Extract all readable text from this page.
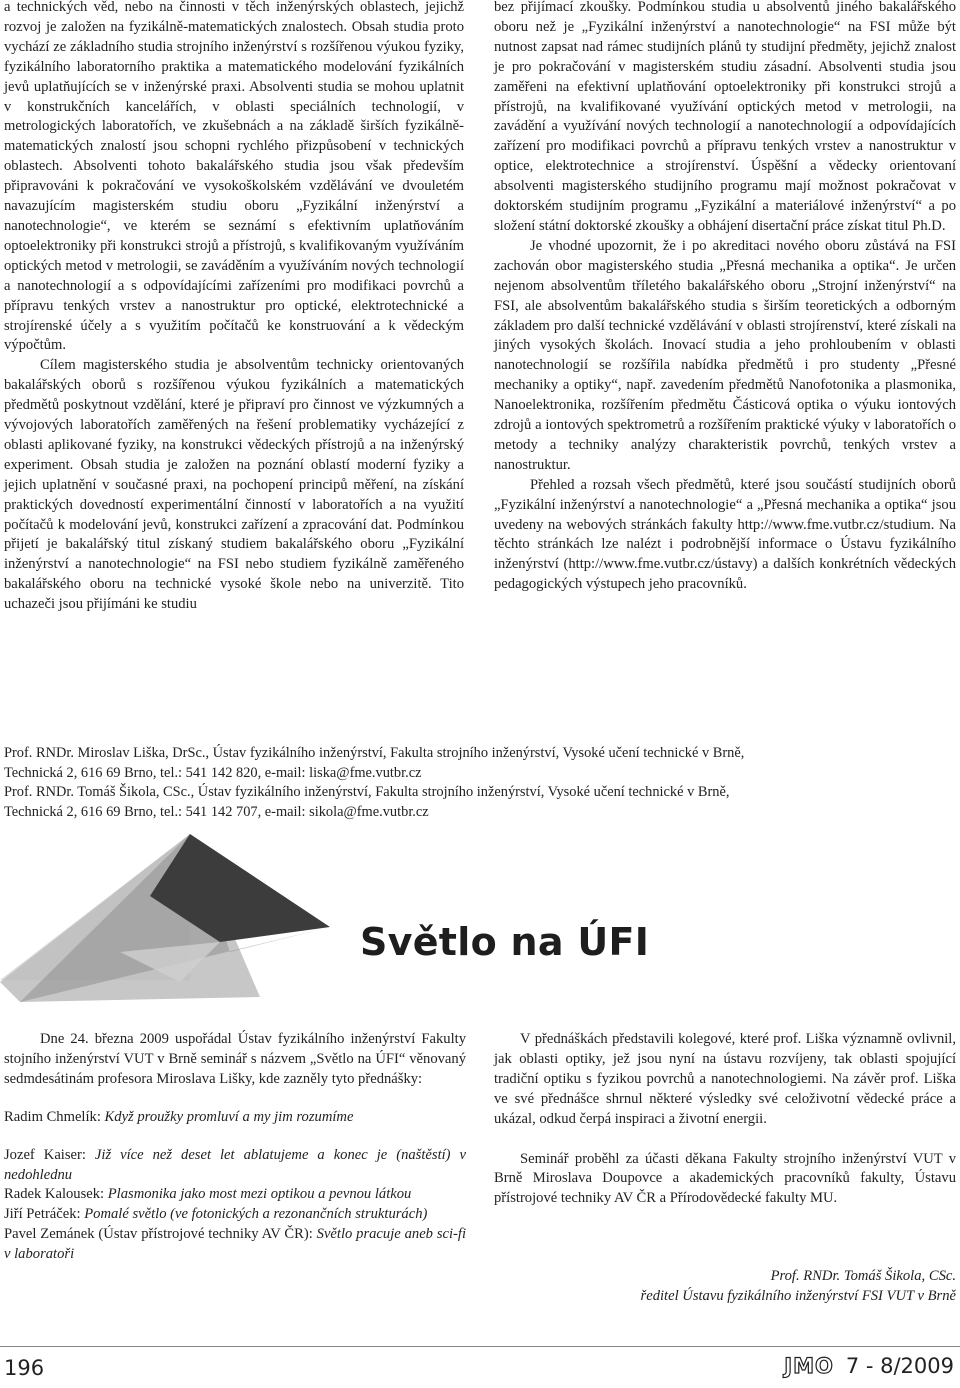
a technických věd, nebo na činnosti v těch inženýrských oblastech, jejichž rozvoj je založen na fyzikálně-matematických znalostech. Obsah studia proto vychází ze základního studia strojního inženýrství s rozšířenou výukou fyziky, fyzikálního laboratorního praktika a matematického modelování fyzikálních jevů uplatňujících se v inženýrské praxi. Absolventi studia se mohou uplatnit v konstrukčních kancelářích, v oblasti speciálních technologií, v metrologických laboratořích, ve zkušebnách a na základě širších fyzikálně-matematických znalostí jsou schopni rychlého přizpůsobení v technických oblastech. Absolventi tohoto bakalářského studia jsou však především připravováni k pokračování ve vysokoškolském vzdělávání ve dvouletém navazujícím magisterském studiu oboru „Fyzikální inženýrství a nanotechnologie“, ve kterém se seznámí s efektivním uplatňováním optoelektroniky při konstrukci strojů a přístrojů, s kvalifikovaným využíváním optických metod v metrologii, se zaváděním a využíváním nových technologií a nanotechnologií a s odpovídajícími zařízeními pro modifikaci povrchů a přípravu tenkých vrstev a nanostruktur pro optické, elektrotechnické a strojírenské účely a s využitím počítačů ke konstruování a k vědeckým výpočtům.

Cílem magisterského studia je absolventům technicky orientovaných bakalářských oborů s rozšířenou výukou fyzikálních a matematických předmětů poskytnout vzdělání, které je připraví pro činnost ve výzkumných a vývojových laboratořích zaměřených na řešení problematiky vycházející z oblasti aplikované fyziky, na konstrukci vědeckých přístrojů a na inženýrský experiment. Obsah studia je založen na poznání oblastí moderní fyziky a jejich uplatnění v současné praxi, na pochopení principů měření, na získání praktických dovedností experimentální činností v laboratořích a na využití počítačů k modelování jevů, konstrukci zařízení a zpracování dat. Podmínkou přijetí je bakalářský titul získaný studiem bakalářského oboru „Fyzikální inženýrství a nanotechnologie“ na FSI nebo studiem fyzikálně zaměřeného bakalářského oboru na technické vysoké škole nebo na univerzitě. Tito uchazeči jsou přijímáni ke studiu

bez přijímací zkoušky. Podmínkou studia u absolventů jiného bakalářského oboru než je „Fyzikální inženýrství a nanotechnologie“ na FSI může být nutnost zapsat nad rámec studijních plánů ty studijní předměty, jejichž znalost je pro pokračování v magisterském studiu zásadní. Absolventi studia jsou zaměřeni na efektivní uplatňování optoelektroniky při konstrukci strojů a přístrojů, na kvalifikované využívání optických metod v metrologii, na zavádění a využívání nových technologií a nanotechnologií a odpovídajících zařízení pro modifikaci povrchů a přípravu tenkých vrstev a nanostruktur v optice, elektrotechnice a strojírenství. Úspěšní a vědecky orientovaní absolventi magisterského studijního programu mají možnost pokračovat v doktorském studijním programu „Fyzikální a materiálové inženýrství“ a po složení státní doktorské zkoušky a obhájení disertační práce získat titul Ph.D.

Je vhodné upozornit, že i po akreditaci nového oboru zůstává na FSI zachován obor magisterského studia „Přesná mechanika a optika“. Je určen nejenom absolventům tříletého bakalářského oboru „Strojní inženýrství“ na FSI, ale absolventům bakalářského studia s širším teoretických a odborným základem pro další technické vzdělávání v oblasti strojírenství, které získali na jiných vysokých školách. Inovací studia a jeho prohloubením v oblasti nanotechnologií se rozšířila nabídka předmětů i pro studenty „Přesné mechaniky a optiky“, např. zavedením předmětů Nanofotonika a plasmonika, Nanoelektronika, rozšířením předmětu Částicová optika o výuku iontových zdrojů a iontových spektrometrů a rozšířením praktické výuky v laboratořích o metody a techniky analýzy charakteristik povrchů, tenkých vrstev a nanostruktur.

Přehled a rozsah všech předmětů, které jsou součástí studijních oborů „Fyzikální inženýrství a nanotechnologie“ a „Přesná mechanika a optika“ jsou uvedeny na webových stránkách fakulty http://www.fme.vutbr.cz/studium. Na těchto stránkách lze nalézt i podrobnější informace o Ústavu fyzikálního inženýrství (http://www.fme.vutbr.cz/ústavy) a dalších konkrétních vědeckých pedagogických výstupech jeho pracovníků.

Prof. RNDr. Miroslav Liška, DrSc., Ústav fyzikálního inženýrství, Fakulta strojního inženýrství, Vysoké učení technické v Brně,

Technická 2, 616 69 Brno, tel.: 541 142 820, e-mail: liska@fme.vutbr.cz

Prof. RNDr. Tomáš Šikola, CSc., Ústav fyzikálního inženýrství, Fakulta strojního inženýrství, Vysoké učení technické v Brně,

Technická 2, 616 69 Brno, tel.: 541 142 707, e-mail: sikola@fme.vutbr.cz

Světlo na ÚFI

Dne 24. března 2009 uspořádal Ústav fyzikálního inženýrství Fakulty stojního inženýrství VUT v Brně seminář s názvem „Světlo na ÚFI“ věnovaný sedmdesátinám profesora Miroslava Lišky, kde zazněly tyto přednášky:

Radim Chmelík: Když proužky promluví a my jim rozumíme

Jozef Kaiser: Již více než deset let ablatujeme a konec je (naštěstí) v nedohlednu

Radek Kalousek: Plasmonika jako most mezi optikou a pevnou látkou

Jiří Petráček: Pomalé světlo (ve fotonických a rezonančních strukturách)

Pavel Zemánek (Ústav přístrojové techniky AV ČR): Světlo pracuje aneb sci-fi v laboratoři

V přednáškách představili kolegové, které prof. Liška významně ovlivnil, jak oblasti optiky, jež jsou nyní na ústavu rozvíjeny, tak oblasti spojující tradiční optiku s fyzikou povrchů a nanotechnologiemi. Na závěr prof. Liška ve své přednášce shrnul některé výsledky své celoživotní vědecké práce a ukázal, odkud čerpá inspiraci a životní energii.

Seminář proběhl za účasti děkana Fakulty strojního inženýrství VUT v Brně Miroslava Doupovce a akademických pracovníků fakulty, Ústavu přístrojové techniky AV ČR a Přírodovědecké fakulty MU.

Prof. RNDr. Tomáš Šikola, CSc.

ředitel Ústavu fyzikálního inženýrství FSI VUT v Brně

196	JMO 7 - 8/2009
